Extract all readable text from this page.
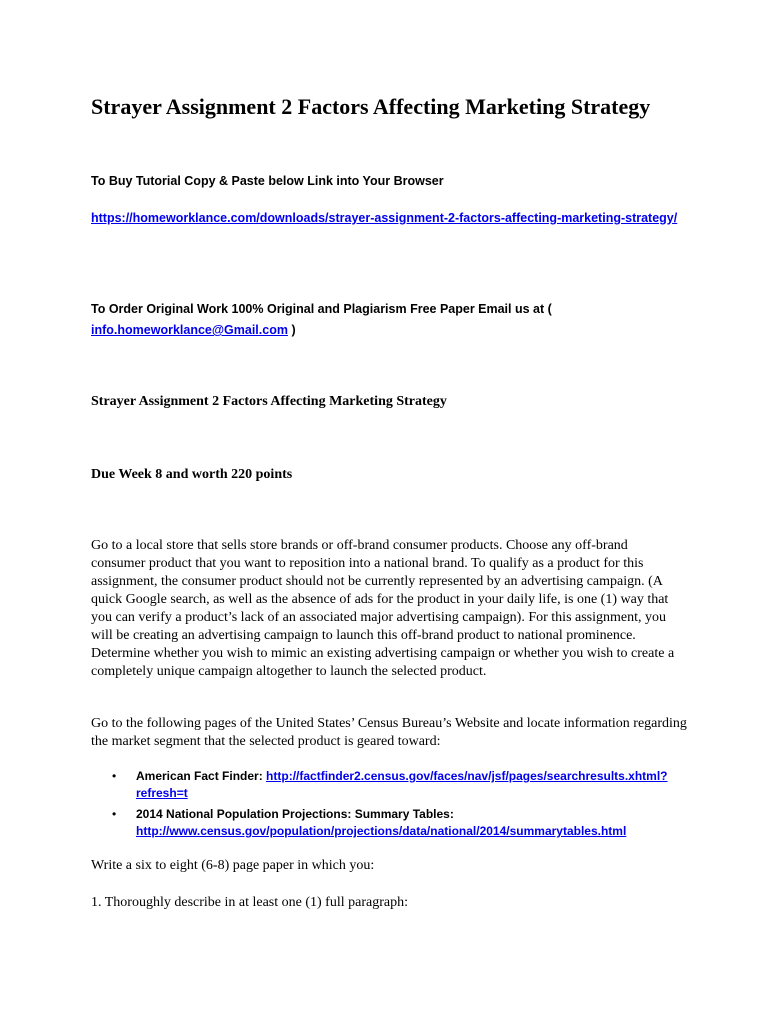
Strayer Assignment 2 Factors Affecting Marketing Strategy

To Buy Tutorial Copy & Paste below Link into Your Browser

https://homeworklance.com/downloads/strayer-assignment-2-factors-affecting-marketing-strategy/

To Order Original Work 100% Original and Plagiarism Free Paper Email us at (
info.homeworklance@Gmail.com )

Strayer Assignment 2 Factors Affecting Marketing Strategy

Due Week 8 and worth 220 points

Go to a local store that sells store brands or off-brand consumer products. Choose any off-brand consumer product that you want to reposition into a national brand. To qualify as a product for this assignment, the consumer product should not be currently represented by an advertising campaign. (A quick Google search, as well as the absence of ads for the product in your daily life, is one (1) way that you can verify a product’s lack of an associated major advertising campaign). For this assignment, you will be creating an advertising campaign to launch this off-brand product to national prominence. Determine whether you wish to mimic an existing advertising campaign or whether you wish to create a completely unique campaign altogether to launch the selected product.

Go to the following pages of the United States’ Census Bureau’s Website and locate information regarding the market segment that the selected product is geared toward:

• American Fact Finder: http://factfinder2.census.gov/faces/nav/jsf/pages/searchresults.xhtml?refresh=t
• 2014 National Population Projections: Summary Tables:
http://www.census.gov/population/projections/data/national/2014/summarytables.html

Write a six to eight (6-8) page paper in which you:

1. Thoroughly describe in at least one (1) full paragraph:
